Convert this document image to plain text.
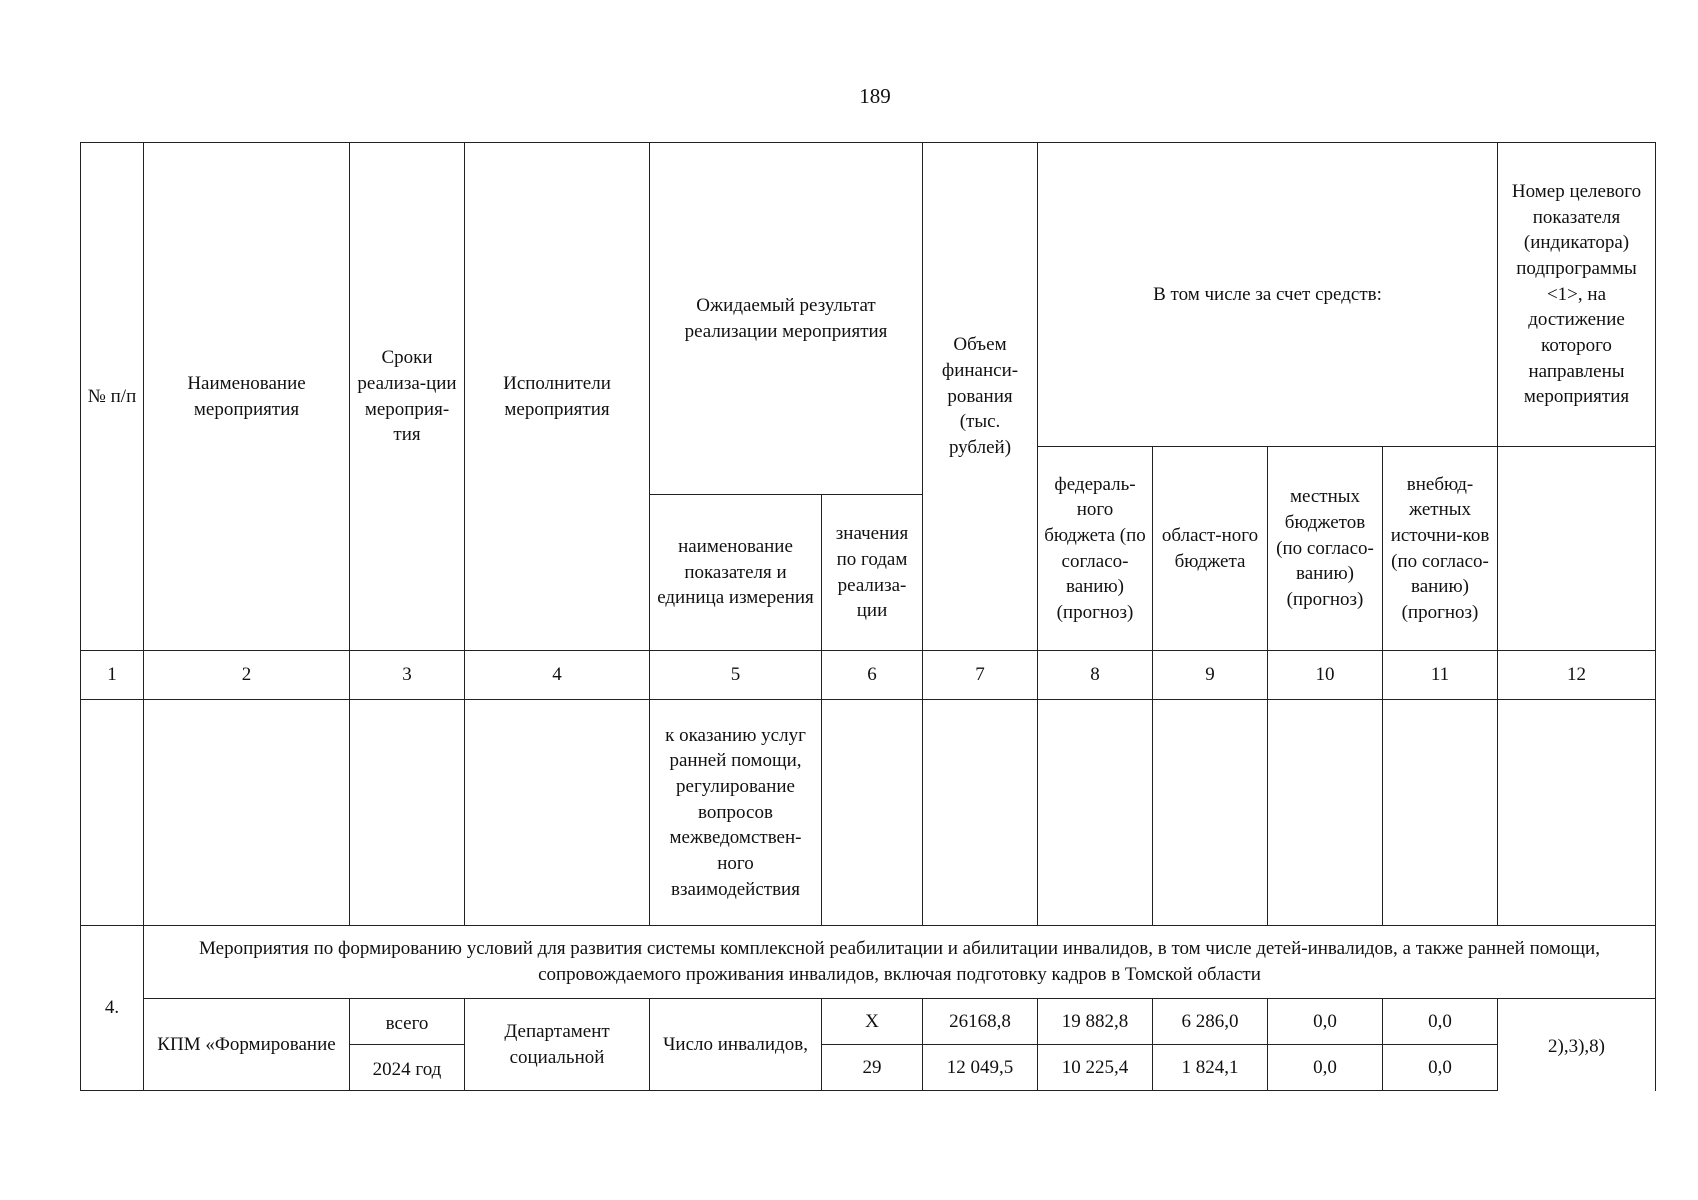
189
№ п/п	Наименование мероприятия	Сроки реализа-ции мероприя-тия	Исполнители мероприятия	Ожидаемый результат реализации мероприятия		Объем финанси-рования (тыс. рублей)	В том числе за счет средств:				Номер целевого показателя (индикатора) подпрограммы <1>, на достижение которого направлены мероприятия
							федераль-ного бюджета (по согласо-ванию) (прогноз)	област-ного бюджета	местных бюджетов (по согласо-ванию) (прогноз)	внебюд-жетных источни-ков (по согласо-ванию) (прогноз)	
				наименование показателя и единица измерения	значения по годам реализа-ции						
1	2	3	4	5	6	7	8	9	10	11	12
				к оказанию услуг ранней помощи, регулирование вопросов межведомствен-ного взаимодействия							
4.	Мероприятия по формированию условий для развития системы комплексной реабилитации и абилитации инвалидов, в том числе детей-инвалидов, а также ранней помощи, сопровождаемого проживания инвалидов, включая подготовку кадров в Томской области										
	КПМ «Формирование	всего	Департамент социальной	Число инвалидов,	Х	26168,8	19 882,8	6 286,0	0,0	0,0	2),3),8)
		2024 год			29	12 049,5	10 225,4	1 824,1	0,0	0,0	
